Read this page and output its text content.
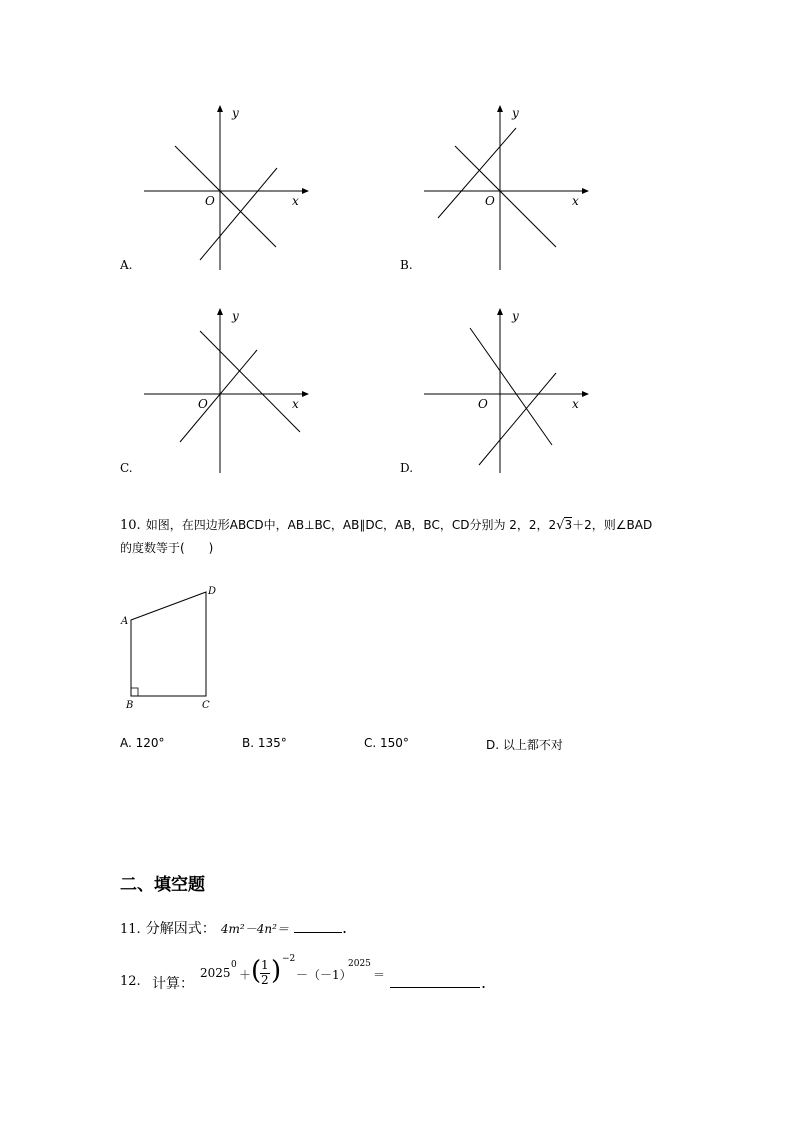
y
x
O
A.
y
x
O
B.
y
x
O
C.
y
x
O
D.
10. 如图，在四边形ABCD中，AB⊥BC，AB∥DC，AB，BC，CD分别为 2，2，2√3＋2，则∠BAD
的度数等于(　　)
A
B	C
D
A. 120°	B. 135°	C. 150°	D. 以上都不对
二、填空题
11. 分解因式： 4m²－4n²＝	.
12. 计算：
2025
0
＋ ( 1
2 ) −2
－（－1）
2025
＝	.
